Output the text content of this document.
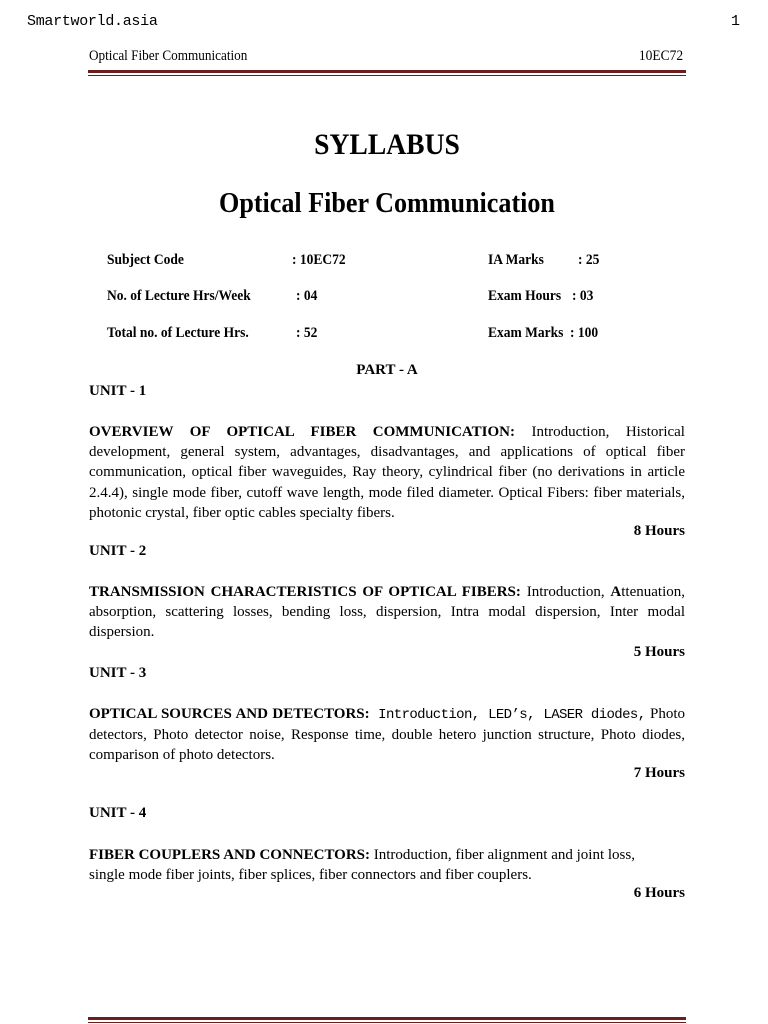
Smartworld.asia	1
Optical Fiber Communication	10EC72
SYLLABUS
Optical Fiber Communication
Subject Code	: 10EC72	IA Marks : 25
No. of Lecture Hrs/Week	: 04	Exam Hours : 03
Total no. of Lecture Hrs.	: 52	Exam Marks : 100
PART - A
UNIT - 1
OVERVIEW OF OPTICAL FIBER COMMUNICATION: Introduction, Historical development, general system, advantages, disadvantages, and applications of optical fiber communication, optical fiber waveguides, Ray theory, cylindrical fiber (no derivations in article 2.4.4), single mode fiber, cutoff wave length, mode filed diameter. Optical Fibers: fiber materials, photonic crystal, fiber optic cables specialty fibers.
8 Hours
UNIT - 2
TRANSMISSION CHARACTERISTICS OF OPTICAL FIBERS: Introduction, Attenuation, absorption, scattering losses, bending loss, dispersion, Intra modal dispersion, Inter modal dispersion.
5 Hours
UNIT - 3
OPTICAL SOURCES AND DETECTORS: Introduction, LED’s, LASER diodes, Photo detectors, Photo detector noise, Response time, double hetero junction structure, Photo diodes, comparison of photo detectors.
7 Hours
UNIT - 4
FIBER COUPLERS AND CONNECTORS: Introduction, fiber alignment and joint loss,
single mode fiber joints, fiber splices, fiber connectors and fiber couplers.
6 Hours
